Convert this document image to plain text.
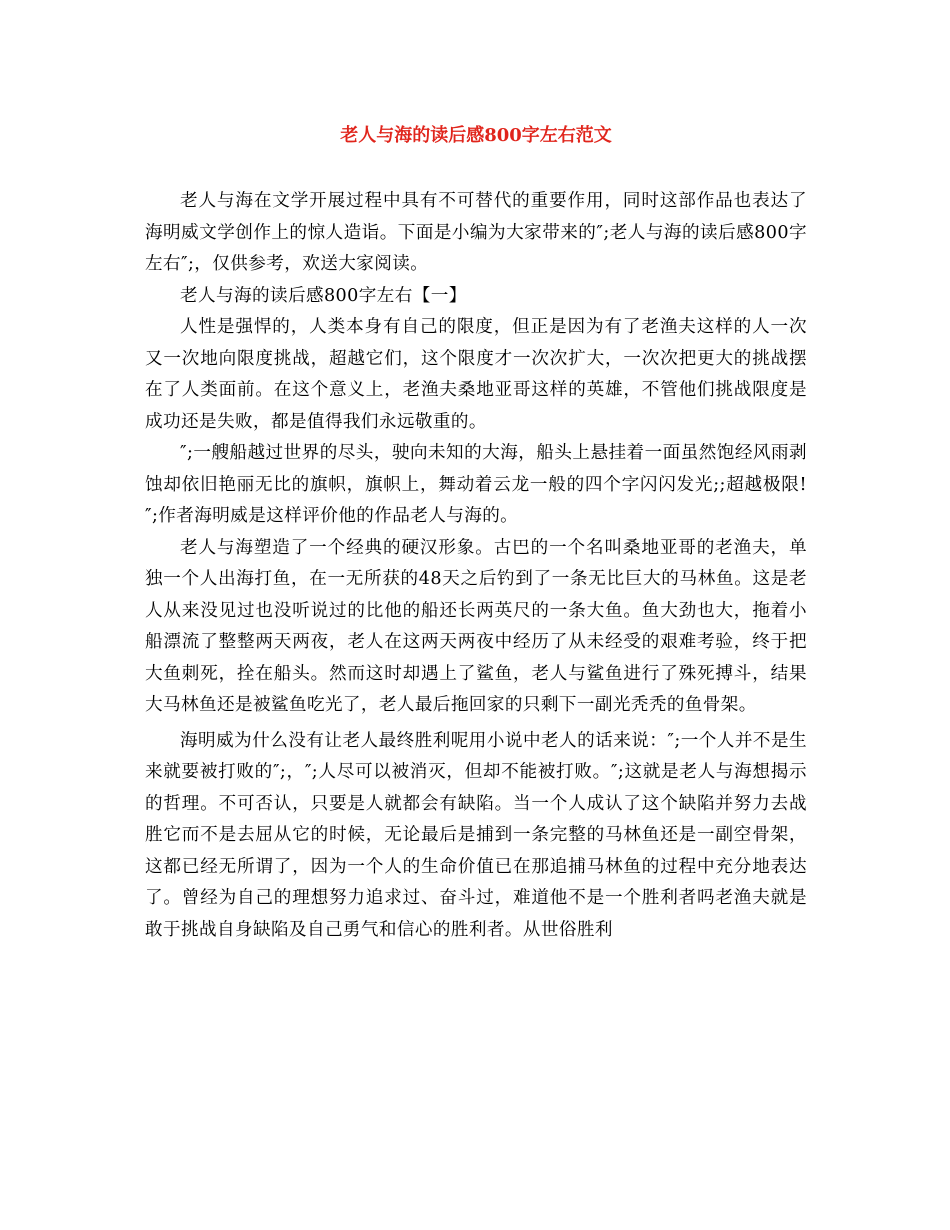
老人与海的读后感800字左右范文

老人与海在文学开展过程中具有不可替代的重要作用，同时这部作品也表达了海明威文学创作上的惊人造诣。下面是小编为大家带来的″;老人与海的读后感800字左右″;，仅供参考，欢送大家阅读。

老人与海的读后感800字左右【一】

人性是强悍的，人类本身有自己的限度，但正是因为有了老渔夫这样的人一次又一次地向限度挑战，超越它们，这个限度才一次次扩大，一次次把更大的挑战摆在了人类面前。在这个意义上，老渔夫桑地亚哥这样的英雄，不管他们挑战限度是成功还是失败，都是值得我们永远敬重的。

″;一艘船越过世界的尽头，驶向未知的大海，船头上悬挂着一面虽然饱经风雨剥蚀却依旧艳丽无比的旗帜，旗帜上，舞动着云龙一般的四个字闪闪发光;;超越极限!″;作者海明威是这样评价他的作品老人与海的。

老人与海塑造了一个经典的硬汉形象。古巴的一个名叫桑地亚哥的老渔夫，单独一个人出海打鱼，在一无所获的48天之后钓到了一条无比巨大的马林鱼。这是老人从来没见过也没听说过的比他的船还长两英尺的一条大鱼。鱼大劲也大，拖着小船漂流了整整两天两夜，老人在这两天两夜中经历了从未经受的艰难考验，终于把大鱼刺死，拴在船头。然而这时却遇上了鲨鱼，老人与鲨鱼进行了殊死搏斗，结果大马林鱼还是被鲨鱼吃光了，老人最后拖回家的只剩下一副光秃秃的鱼骨架。

海明威为什么没有让老人最终胜利呢用小说中老人的话来说：″;一个人并不是生来就要被打败的″;，″;人尽可以被消灭，但却不能被打败。″;这就是老人与海想揭示的哲理。不可否认，只要是人就都会有缺陷。当一个人成认了这个缺陷并努力去战胜它而不是去屈从它的时候，无论最后是捕到一条完整的马林鱼还是一副空骨架，这都已经无所谓了，因为一个人的生命价值已在那追捕马林鱼的过程中充分地表达了。曾经为自己的理想努力追求过、奋斗过，难道他不是一个胜利者吗老渔夫就是敢于挑战自身缺陷及自己勇气和信心的胜利者。从世俗胜利
